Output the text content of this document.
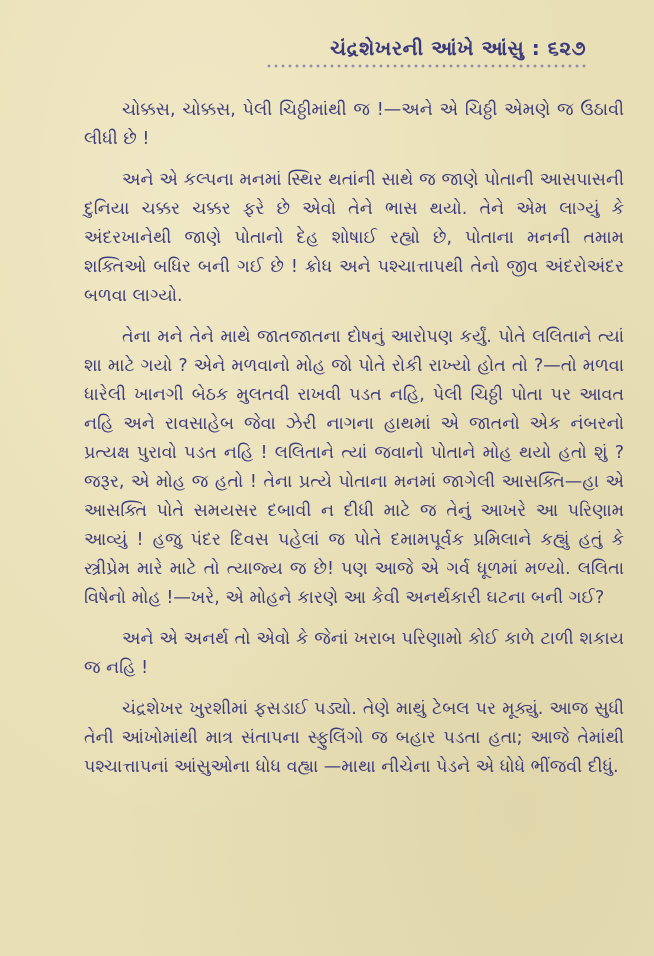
ચંદ્રશેખરની આંખે આંસુ : ૬૨૭

ચોક્કસ, ચોક્કસ, પેલી ચિઠ્ઠીમાંથી જ !—અને એ ચિઠ્ઠી એમણે જ ઉઠાવી લીધી છે !

અને એ કલ્પના મનમાં સ્થિર થતાંની સાથે જ જાણે પોતાની આસપાસની દુનિયા ચક્કર ચક્કર ફરે છે એવો તેને ભાસ થયો. તેને એમ લાગ્યું કે અંદરખાનેથી જાણે પોતાનો દેહ શોષાઈ રહ્યો છે, પોતાના મનની તમામ શક્તિઓ બધિર બની ગઈ છે ! ક્રોધ અને પશ્ચાત્તાપથી તેનો જીવ અંદરોઅંદર બળવા લાગ્યો.

તેના મને તેને માથે જાતજાતના દોષનું આરોપણ કર્યું. પોતે લલિતાને ત્યાં શા માટે ગયો ? એને મળવાનો મોહ જો પોતે રોકી રાખ્યો હોત તો ?—તો મળવા ધારેલી ખાનગી બેઠક મુલતવી રાખવી પડત નહિ, પેલી ચિઠ્ઠી પોતા પર આવત નહિ અને રાવસાહેબ જેવા ઝેરી નાગના હાથમાં એ જાતનો એક નંબરનો પ્રત્યક્ષ પુરાવો પડત નહિ ! લલિતાને ત્યાં જવાનો પોતાને મોહ થયો હતો શું ? જરૂર, એ મોહ જ હતો ! તેના પ્રત્યે પોતાના મનમાં જાગેલી આસક્તિ—હા એ આસક્તિ પોતે સમયસર દબાવી ન દીધી માટે જ તેનું આખરે આ પરિણામ આવ્યું ! હજુ પંદર દિવસ પહેલાં જ પોતે દમામપૂર્વક પ્રમિલાને કહ્યું હતું કે સ્ત્રીપ્રેમ મારે માટે તો ત્યાજ્ય જ છે! પણ આજે એ ગર્વ ધૂળમાં મળ્યો. લલિતા વિષેનો મોહ !—ખરે, એ મોહને કારણે આ કેવી અનર્થકારી ઘટના બની ગઈ?

અને એ અનર્થ તો એવો કે જેનાં ખરાબ પરિણામો કોઈ કાળે ટાળી શકાય જ નહિ !

ચંદ્રશેખર ખુરશીમાં ફસડાઈ પડ્યો. તેણે માથું ટેબલ પર મૂક્યું. આજ સુધી તેની આંખોમાંથી માત્ર સંતાપના સ્ફુલિંગો જ બહાર પડતા હતા; આજે તેમાંથી પશ્ચાત્તાપનાં આંસુઓના ધોધ વહ્યા —માથા નીચેના પેડને એ ધોધે ભીંજવી દીધું.
